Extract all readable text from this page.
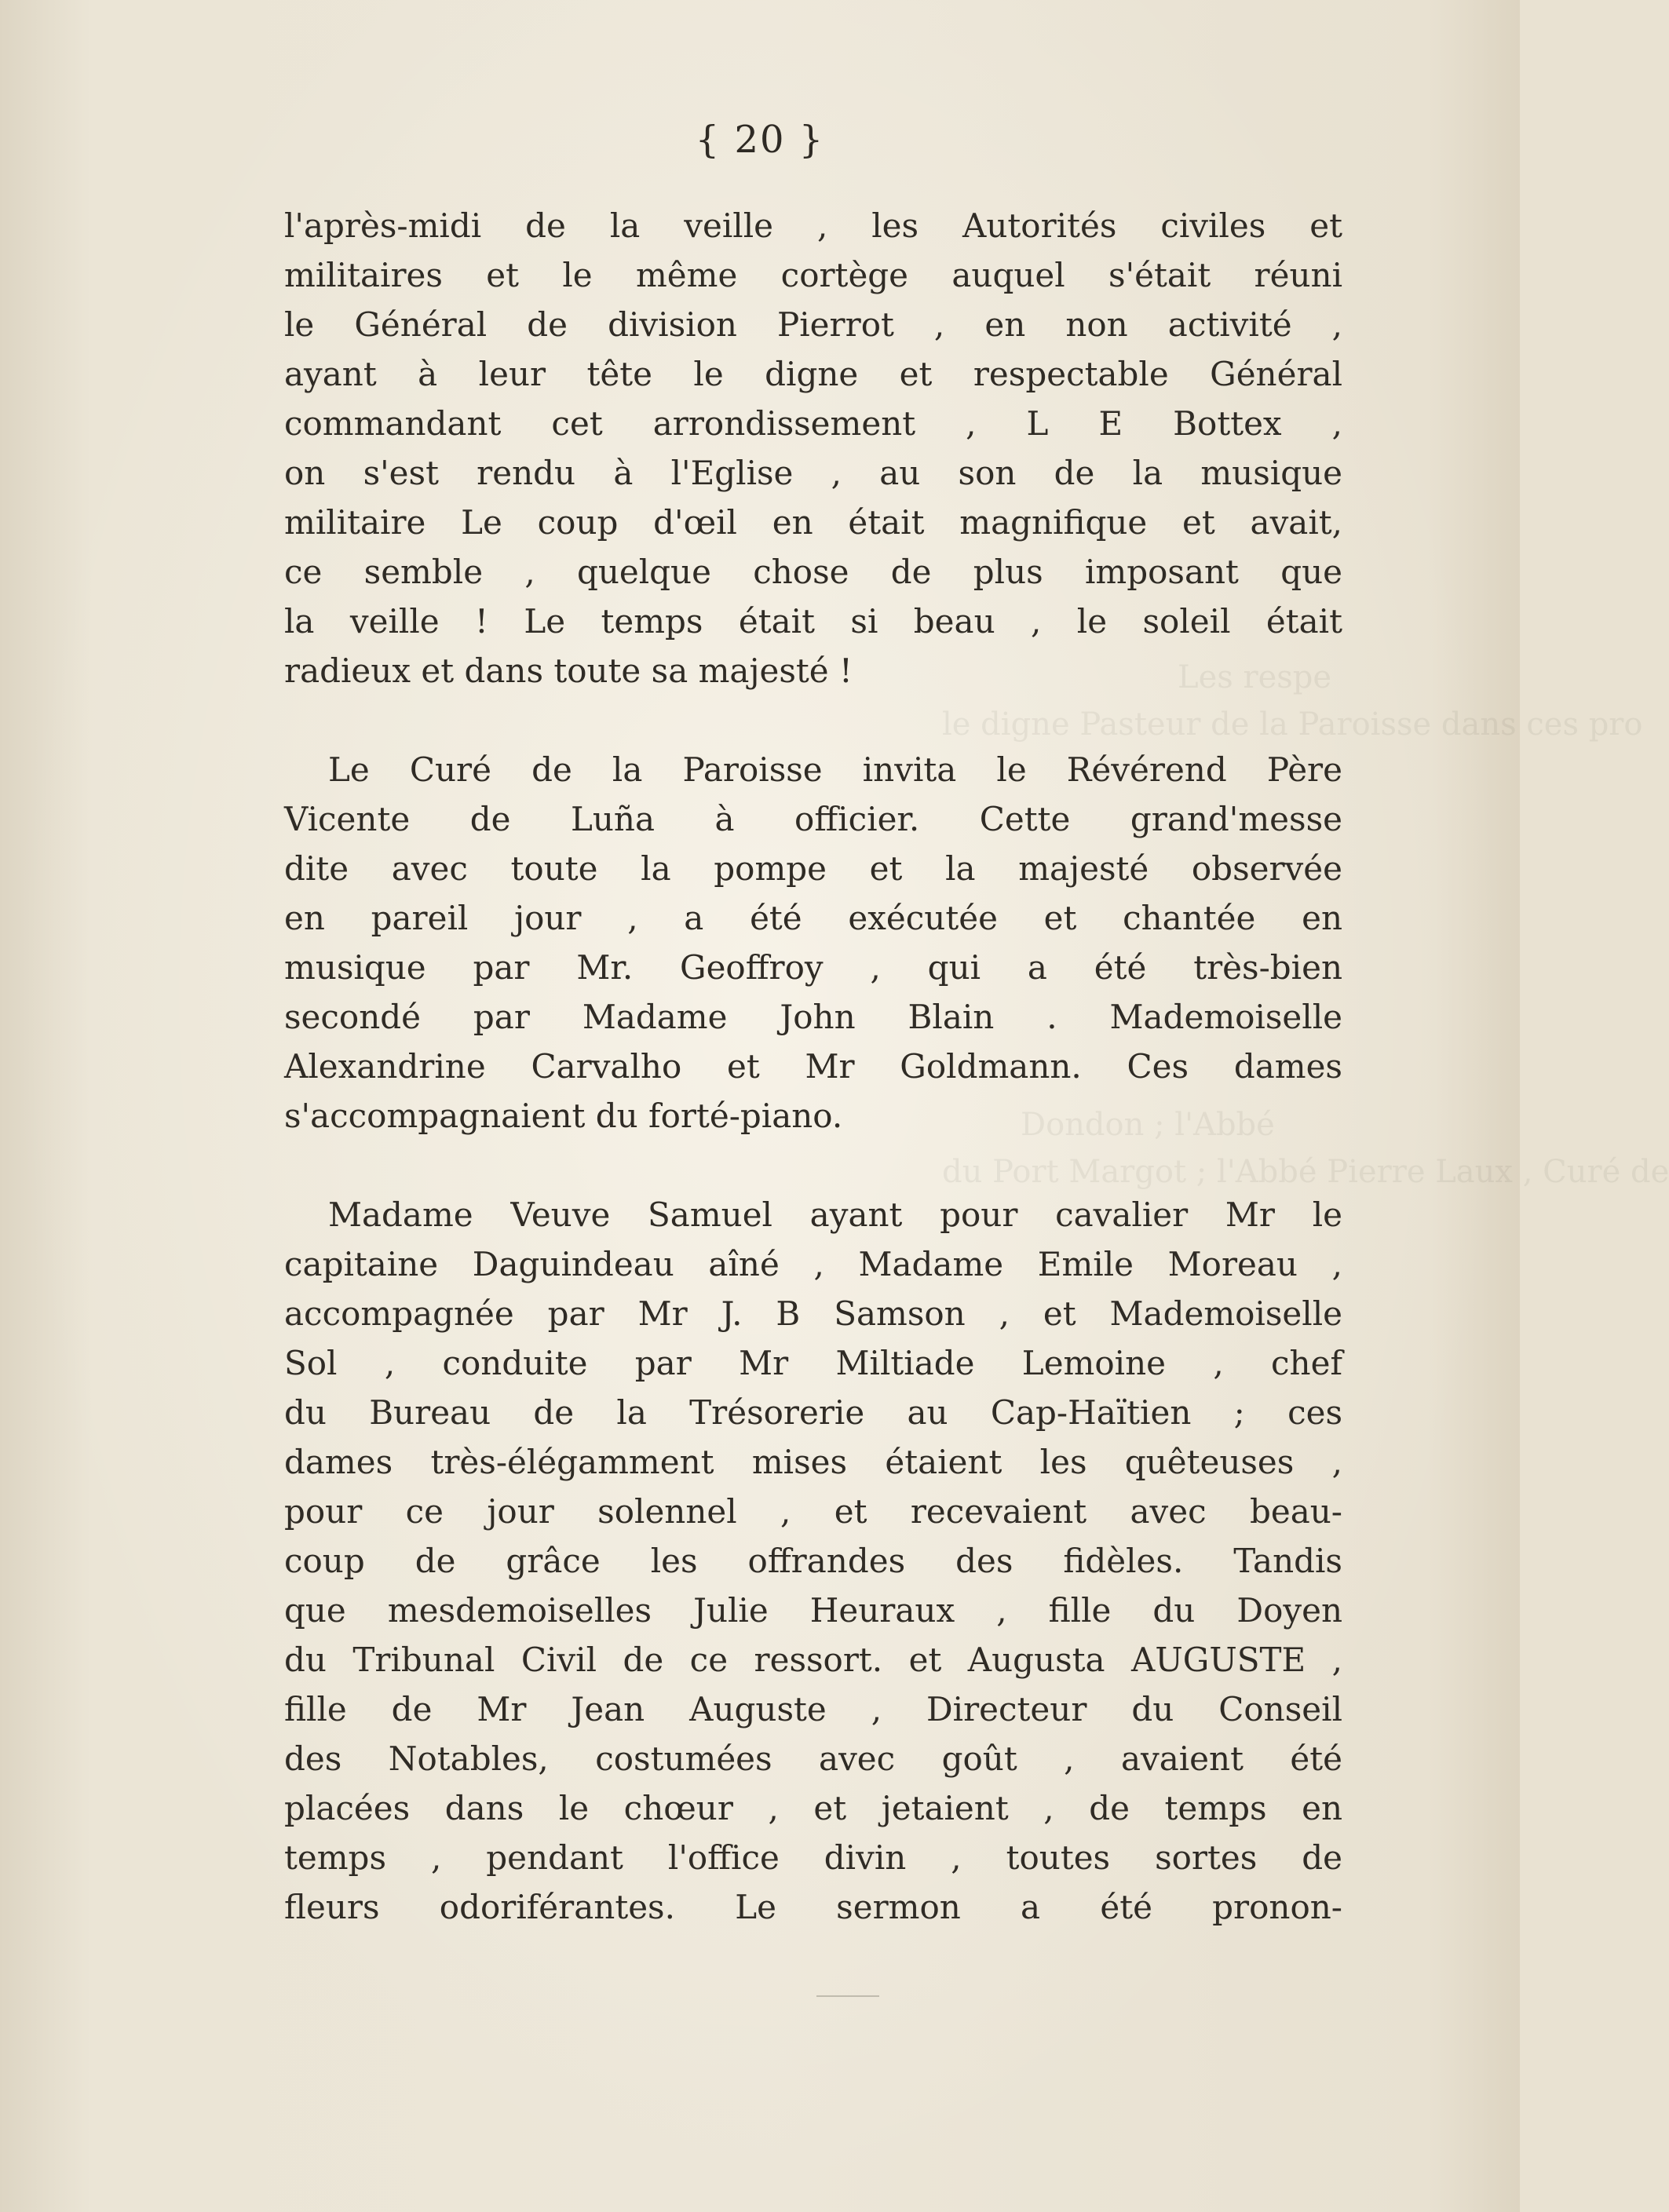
Les respe
le digne Pasteur de la Paroisse dans ces pro
Dondon ; l'Abbé
du Port Margot ; l'Abbé Pierre Laux , Curé de
{ 20 }
l'après-midi de la veille , les Autorités civiles et
militaires et le même cortège auquel s'était réuni
le Général de division Pierrot , en non activité ,
ayant à leur tête le digne et respectable Général
commandant cet arrondissement , L E Bottex ,
on s'est rendu à l'Eglise , au son de la musique
militaire Le coup d'œil en était magnifique et avait,
ce semble , quelque chose de plus imposant que
la veille ! Le temps était si beau , le soleil était
radieux et dans toute sa majesté !
Le Curé de la Paroisse invita le Révérend Père
Vicente de Luña à officier. Cette grand'messe
dite avec toute la pompe et la majesté observée
en pareil jour , a été exécutée et chantée en
musique par Mr. Geoffroy , qui a été très-bien
secondé par Madame John Blain . Mademoiselle
Alexandrine Carvalho et Mr Goldmann. Ces dames
s'accompagnaient du forté-piano.
Madame Veuve Samuel ayant pour cavalier Mr le
capitaine Daguindeau aîné , Madame Emile Moreau ,
accompagnée par Mr J. B Samson , et Mademoiselle
Sol , conduite par Mr Miltiade Lemoine , chef
du Bureau de la Trésorerie au Cap-Haïtien ; ces
dames très-élégamment mises étaient les quêteuses ,
pour ce jour solennel , et recevaient avec beau-
coup de grâce les offrandes des fidèles. Tandis
que mesdemoiselles Julie Heuraux , fille du Doyen
du Tribunal Civil de ce ressort. et Augusta AUGUSTE ,
fille de Mr Jean Auguste , Directeur du Conseil
des Notables, costumées avec goût , avaient été
placées dans le chœur , et jetaient , de temps en
temps , pendant l'office divin , toutes sortes de
fleurs odoriférantes. Le sermon a été pronon-
